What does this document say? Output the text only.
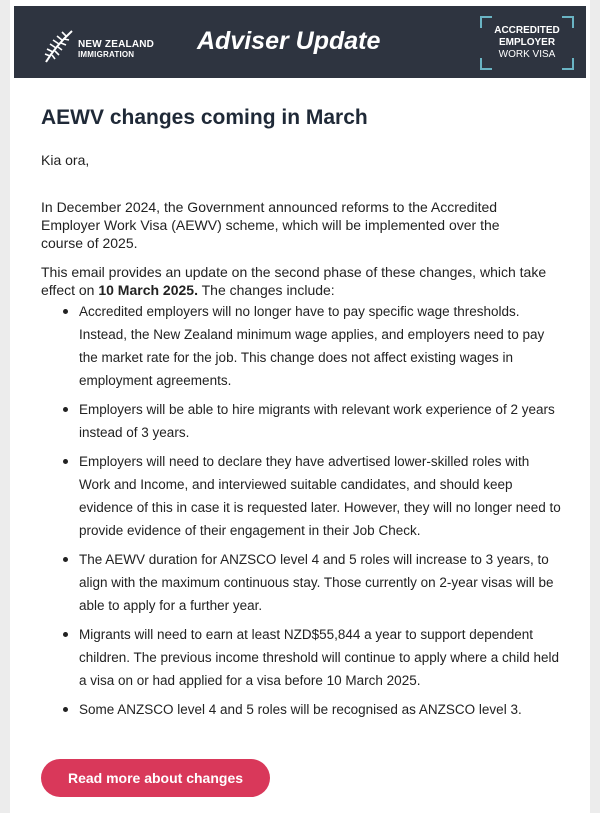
NEW ZEALAND
IMMIGRATION	Adviser Update	ACCREDITED
EMPLOYER
WORK VISA
AEWV changes coming in March
Kia ora,

In December 2024, the Government announced reforms to the Accredited Employer Work Visa (AEWV) scheme, which will be implemented over the course of 2025.

This email provides an update on the second phase of these changes, which take effect on 10 March 2025. The changes include:

Accredited employers will no longer have to pay specific wage thresholds. Instead, the New Zealand minimum wage applies, and employers need to pay the market rate for the job. This change does not affect existing wages in employment agreements.
Employers will be able to hire migrants with relevant work experience of 2 years instead of 3 years.
Employers will need to declare they have advertised lower-skilled roles with Work and Income, and interviewed suitable candidates, and should keep evidence of this in case it is requested later. However, they will no longer need to provide evidence of their engagement in their Job Check.
The AEWV duration for ANZSCO level 4 and 5 roles will increase to 3 years, to align with the maximum continuous stay. Those currently on 2-year visas will be able to apply for a further year.
Migrants will need to earn at least NZD$55,844 a year to support dependent children. The previous income threshold will continue to apply where a child held a visa on or had applied for a visa before 10 March 2025.
Some ANZSCO level 4 and 5 roles will be recognised as ANZSCO level 3.
Read more about changes
